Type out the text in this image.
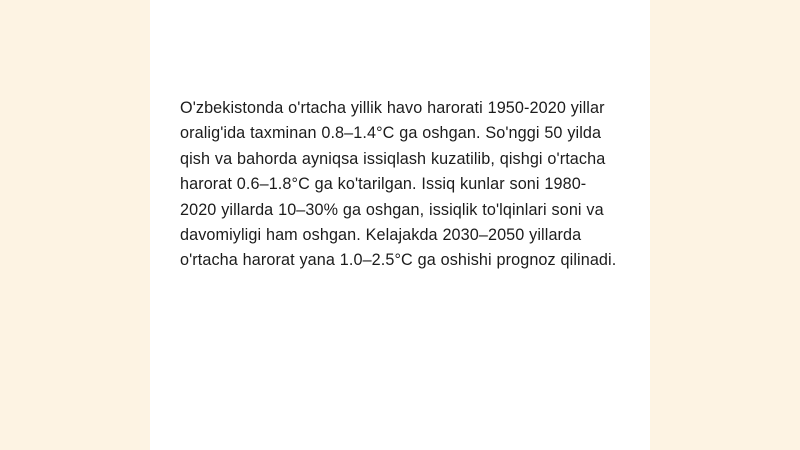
O'zbekistonda o'rtacha yillik havo harorati 1950-2020 yillar oralig'ida taxminan 0.8–1.4°C ga oshgan. So'nggi 50 yilda qish va bahorda ayniqsa issiqlash kuzatilib, qishgi o'rtacha harorat 0.6–1.8°C ga ko'tarilgan. Issiq kunlar soni 1980-2020 yillarda 10–30% ga oshgan, issiqlik to'lqinlari soni va davomiyligi ham oshgan. Kelajakda 2030–2050 yillarda o'rtacha harorat yana 1.0–2.5°C ga oshishi prognoz qilinadi.
